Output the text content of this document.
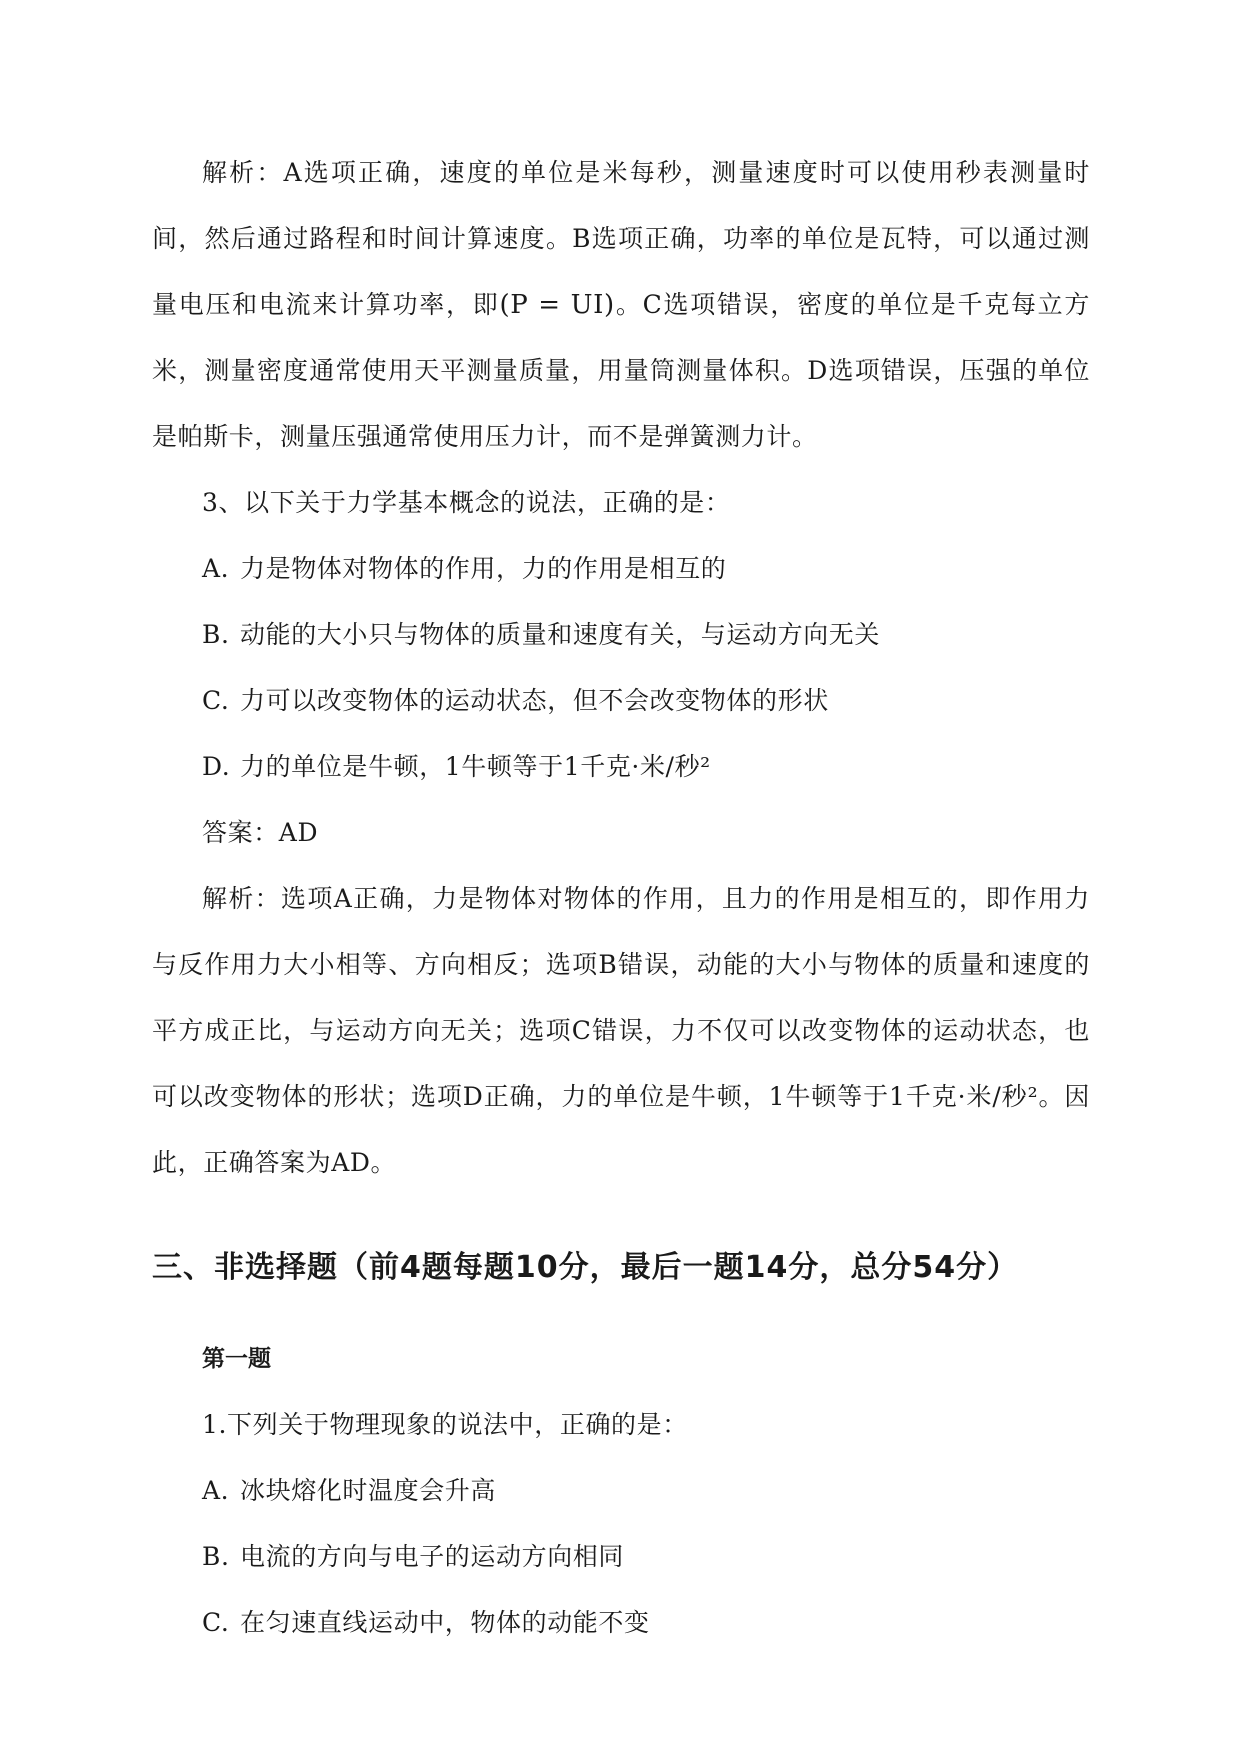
解析：A选项正确，速度的单位是米每秒，测量速度时可以使用秒表测量时间，然后通过路程和时间计算速度。B选项正确，功率的单位是瓦特，可以通过测量电压和电流来计算功率，即(P = UI)。C选项错误，密度的单位是千克每立方米，测量密度通常使用天平测量质量，用量筒测量体积。D选项错误，压强的单位是帕斯卡，测量压强通常使用压力计，而不是弹簧测力计。

3、以下关于力学基本概念的说法，正确的是：

A. 力是物体对物体的作用，力的作用是相互的

B. 动能的大小只与物体的质量和速度有关，与运动方向无关

C. 力可以改变物体的运动状态，但不会改变物体的形状

D. 力的单位是牛顿，1牛顿等于1千克·米/秒²

答案：AD

解析：选项A正确，力是物体对物体的作用，且力的作用是相互的，即作用力与反作用力大小相等、方向相反；选项B错误，动能的大小与物体的质量和速度的平方成正比，与运动方向无关；选项C错误，力不仅可以改变物体的运动状态，也可以改变物体的形状；选项D正确，力的单位是牛顿，1牛顿等于1千克·米/秒²。因此，正确答案为AD。

三、非选择题（前4题每题10分，最后一题14分，总分54分）

第一题

1.下列关于物理现象的说法中，正确的是：

A. 冰块熔化时温度会升高

B. 电流的方向与电子的运动方向相同

C. 在匀速直线运动中，物体的动能不变
